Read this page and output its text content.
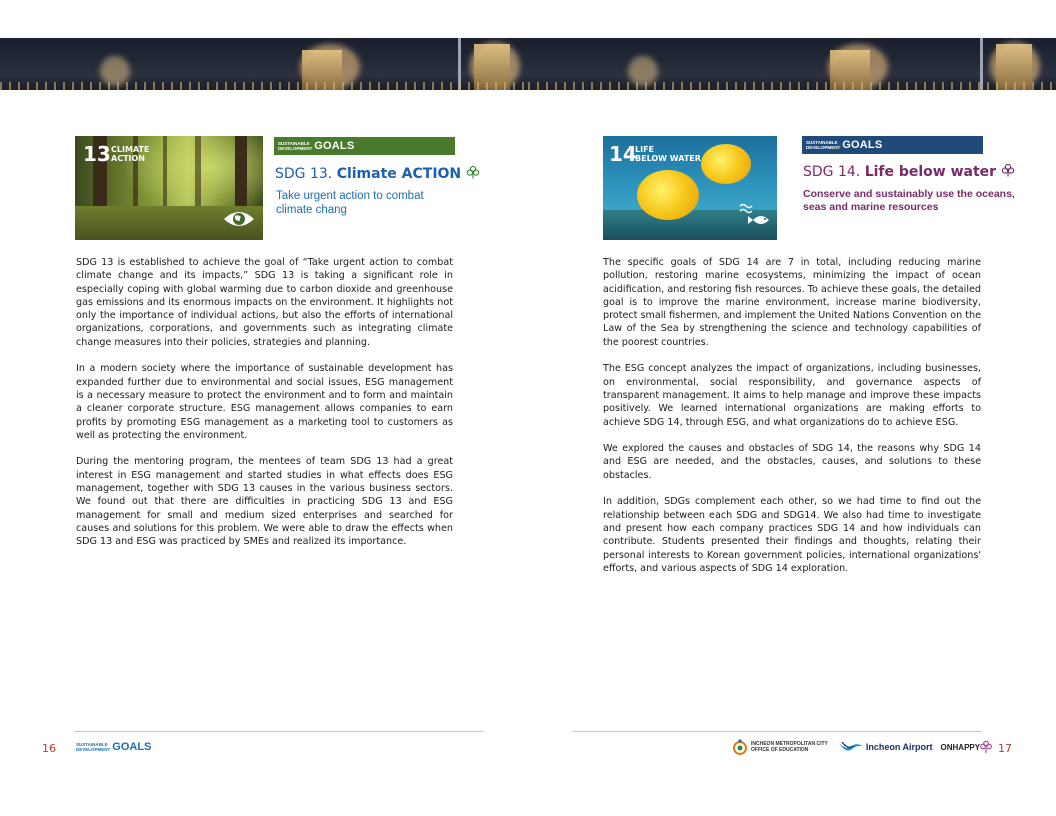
13 CLIMATE
ACTION
SUSTAINABLE
DEVELOPMENT GOALS
SDG 13. Climate ACTION
Take urgent action to combat
climate chang

SDG 13 is established to achieve the goal of “Take urgent action to combat climate change and its impacts,” SDG 13 is taking a significant role in especially coping with global warming due to carbon dioxide and greenhouse gas emissions and its enormous impacts on the environment. It highlights not only the importance of individual actions, but also the efforts of international organizations, corporations, and governments such as integrating climate change measures into their policies, strategies and planning.

In a modern society where the importance of sustainable development has expanded further due to environmental and social issues, ESG management is a necessary measure to protect the environment and to form and maintain a cleaner corporate structure. ESG management allows companies to earn profits by promoting ESG management as a marketing tool to customers as well as protecting the environment.

During the mentoring program, the mentees of team SDG 13 had a great interest in ESG management and started studies in what effects does ESG management, together with SDG 13 causes in the various business sectors. We found out that there are difficulties in practicing SDG 13 and ESG management for small and medium sized enterprises and searched for causes and solutions for this problem. We were able to draw the effects when SDG 13 and ESG was practiced by SMEs and realized its importance.

14
LIFE
BELOW WATER
SUSTAINABLE
DEVELOPMENT GOALS
SDG 14. Life below water
Conserve and sustainably use the oceans,
seas and marine resources

The specific goals of SDG 14 are 7 in total, including reducing marine pollution, restoring marine ecosystems, minimizing the impact of ocean acidification, and restoring fish resources. To achieve these goals, the detailed goal is to improve the marine environment, increase marine biodiversity, protect small fishermen, and implement the United Nations Convention on the Law of the Sea by strengthening the science and technology capabilities of the poorest countries.

The ESG concept analyzes the impact of organizations, including businesses, on environmental, social responsibility, and governance aspects of transparent management. It aims to help manage and improve these impacts positively. We learned international organizations are making efforts to achieve SDG 14, through ESG, and what organizations do to achieve ESG.

We explored the causes and obstacles of SDG 14, the reasons why SDG 14 and ESG are needed, and the obstacles, causes, and solutions to these obstacles.

In addition, SDGs complement each other, so we had time to find out the relationship between each SDG and SDG14. We also had time to investigate and present how each company practices SDG 14 and how individuals can contribute. Students presented their findings and thoughts, relating their personal interests to Korean government policies, international organizations' efforts, and various aspects of SDG 14 exploration.

16	SUSTAINABLE
DEVELOPMENT GOALS	INCHEON METROPOLITAN CITY
OFFICE OF EDUCATION	Incheon Airport ONHAPPY 17
